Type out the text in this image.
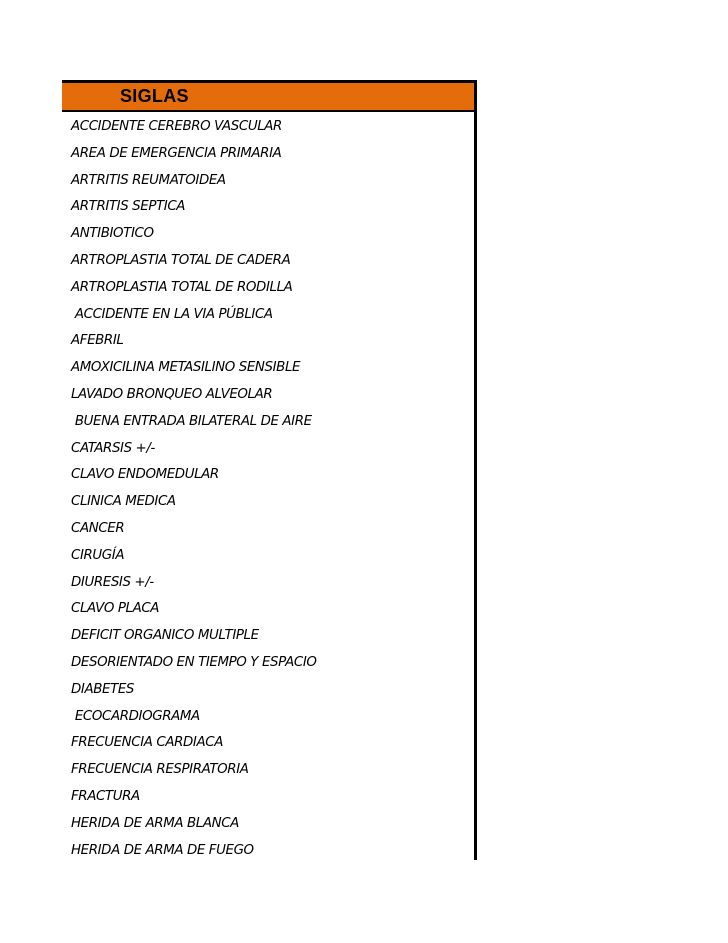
SIGLAS
ACCIDENTE CEREBRO VASCULAR
AREA DE EMERGENCIA PRIMARIA
ARTRITIS REUMATOIDEA
ARTRITIS SEPTICA
ANTIBIOTICO
ARTROPLASTIA TOTAL DE CADERA
ARTROPLASTIA TOTAL DE RODILLA
ACCIDENTE EN LA VIA PÚBLICA
AFEBRIL
AMOXICILINA METASILINO SENSIBLE
LAVADO BRONQUEO ALVEOLAR
BUENA ENTRADA BILATERAL DE AIRE
CATARSIS +/-
CLAVO ENDOMEDULAR
CLINICA MEDICA
CANCER
CIRUGÍA
DIURESIS +/-
CLAVO PLACA
DEFICIT ORGANICO MULTIPLE
DESORIENTADO EN TIEMPO Y ESPACIO
DIABETES
ECOCARDIOGRAMA
FRECUENCIA CARDIACA
FRECUENCIA RESPIRATORIA
FRACTURA
HERIDA DE ARMA BLANCA
HERIDA DE ARMA DE FUEGO
